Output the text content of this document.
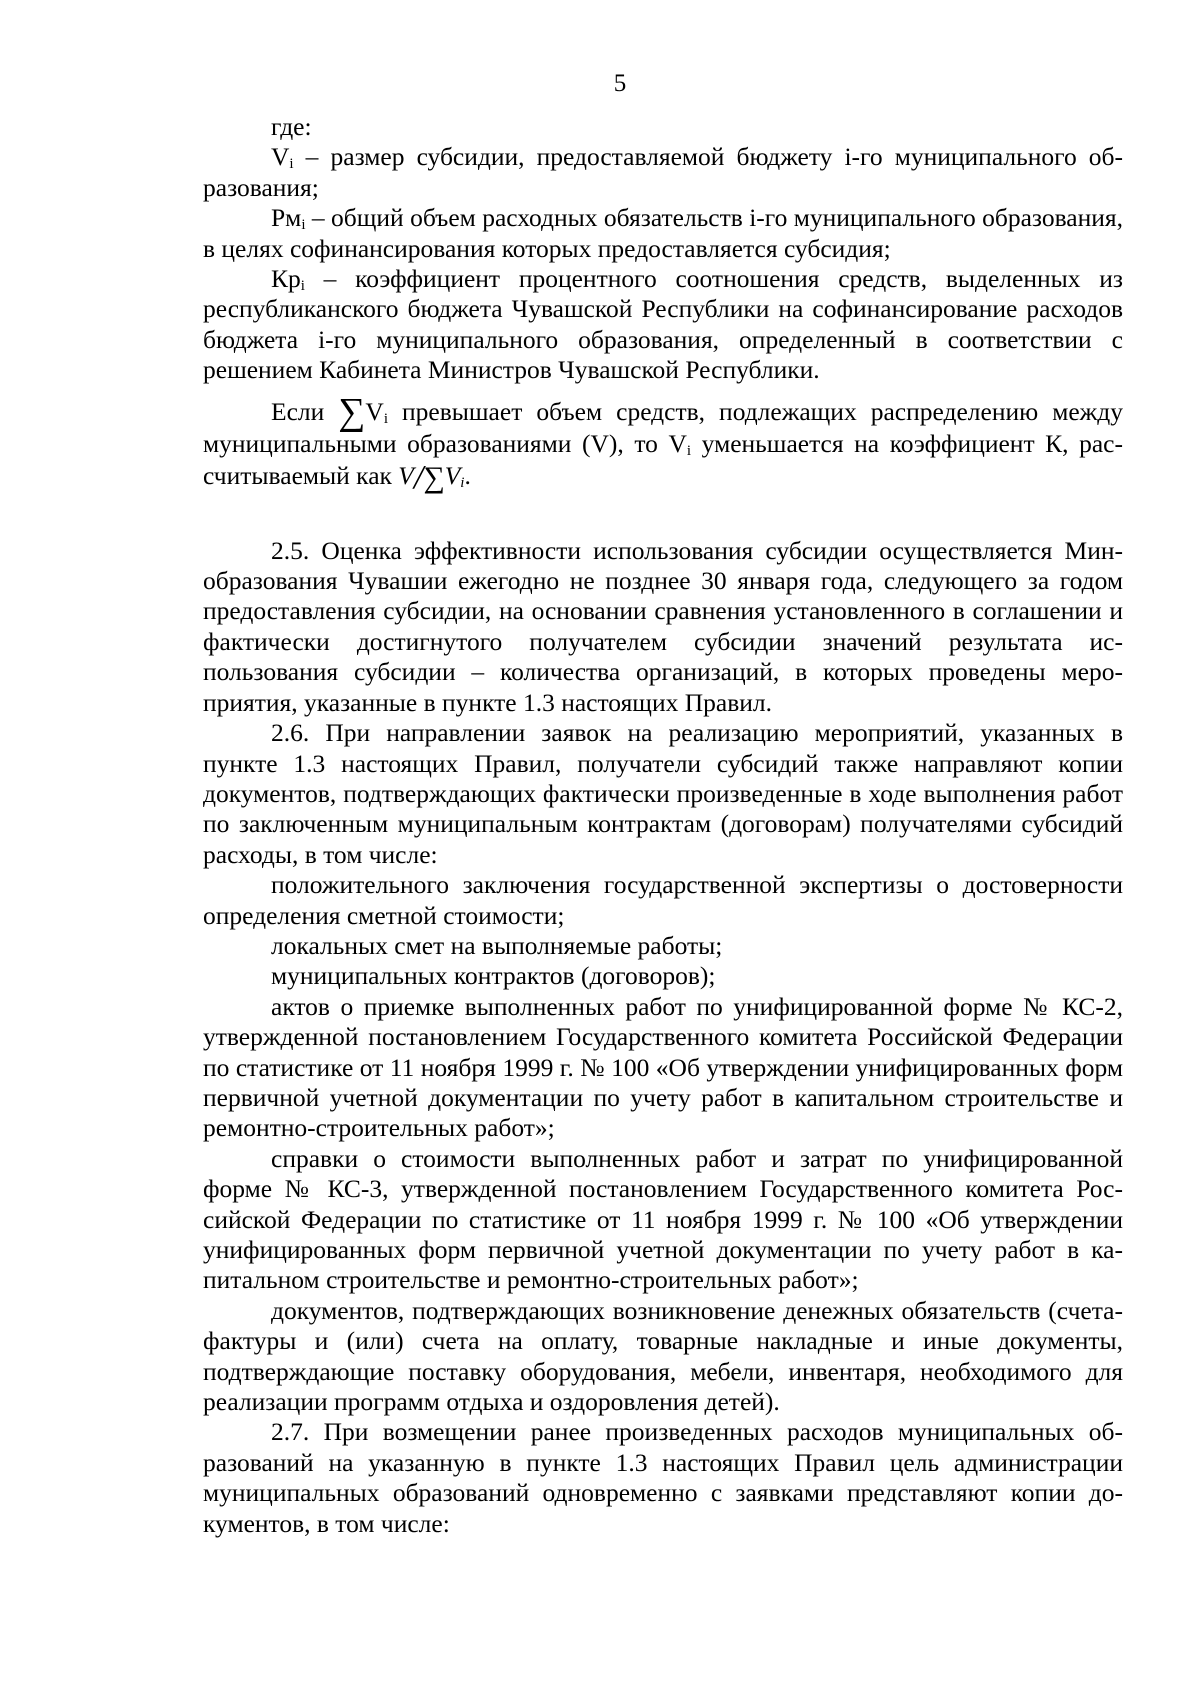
5

где:

$V_i$ – размер субсидии, предоставляемой бюджету i-го муниципального образования;

$Рм_i$ – общий объем расходных обязательств i-го муниципального образования, в целях софинансирования которых предоставляется субсидия;

$Кр_i$ – коэффициент процентного соотношения средств, выделенных из республиканского бюджета Чувашской Республики на софинансирование расходов бюджета i-го муниципального образования, определенный в соответствии с решением Кабинета Министров Чувашской Республики.

Если $\sum V_i$ превышает объем средств, подлежащих распределению между муниципальными образованиями (V), то $V_i$ уменьшается на коэффициент К, рассчитываемый как $V/\sum V_i$.

2.5. Оценка эффективности использования субсидии осуществляется Минобразования Чувашии ежегодно не позднее 30 января года, следующего за годом предоставления субсидии, на основании сравнения установленного в соглашении и фактически достигнутого получателем субсидии значений результата использования субсидии – количества организаций, в которых проведены мероприятия, указанные в пункте 1.3 настоящих Правил.

2.6. При направлении заявок на реализацию мероприятий, указанных в пункте 1.3 настоящих Правил, получатели субсидий также направляют копии документов, подтверждающих фактически произведенные в ходе выполнения работ по заключенным муниципальным контрактам (договорам) получателями субсидий расходы, в том числе:

положительного заключения государственной экспертизы о достоверности определения сметной стоимости;

локальных смет на выполняемые работы;

муниципальных контрактов (договоров);

актов о приемке выполненных работ по унифицированной форме № КС-2, утвержденной постановлением Государственного комитета Российской Федерации по статистике от 11 ноября 1999 г. № 100 «Об утверждении унифицированных форм первичной учетной документации по учету работ в капитальном строительстве и ремонтно-строительных работ»;

справки о стоимости выполненных работ и затрат по унифицированной форме № КС-3, утвержденной постановлением Государственного комитета Российской Федерации по статистике от 11 ноября 1999 г. № 100 «Об утверждении унифицированных форм первичной учетной документации по учету работ в капитальном строительстве и ремонтно-строительных работ»;

документов, подтверждающих возникновение денежных обязательств (счета-фактуры и (или) счета на оплату, товарные накладные и иные документы, подтверждающие поставку оборудования, мебели, инвентаря, необходимого для реализации программ отдыха и оздоровления детей).

2.7. При возмещении ранее произведенных расходов муниципальных образований на указанную в пункте 1.3 настоящих Правил цель администрации муниципальных образований одновременно с заявками представляют копии документов, в том числе:
